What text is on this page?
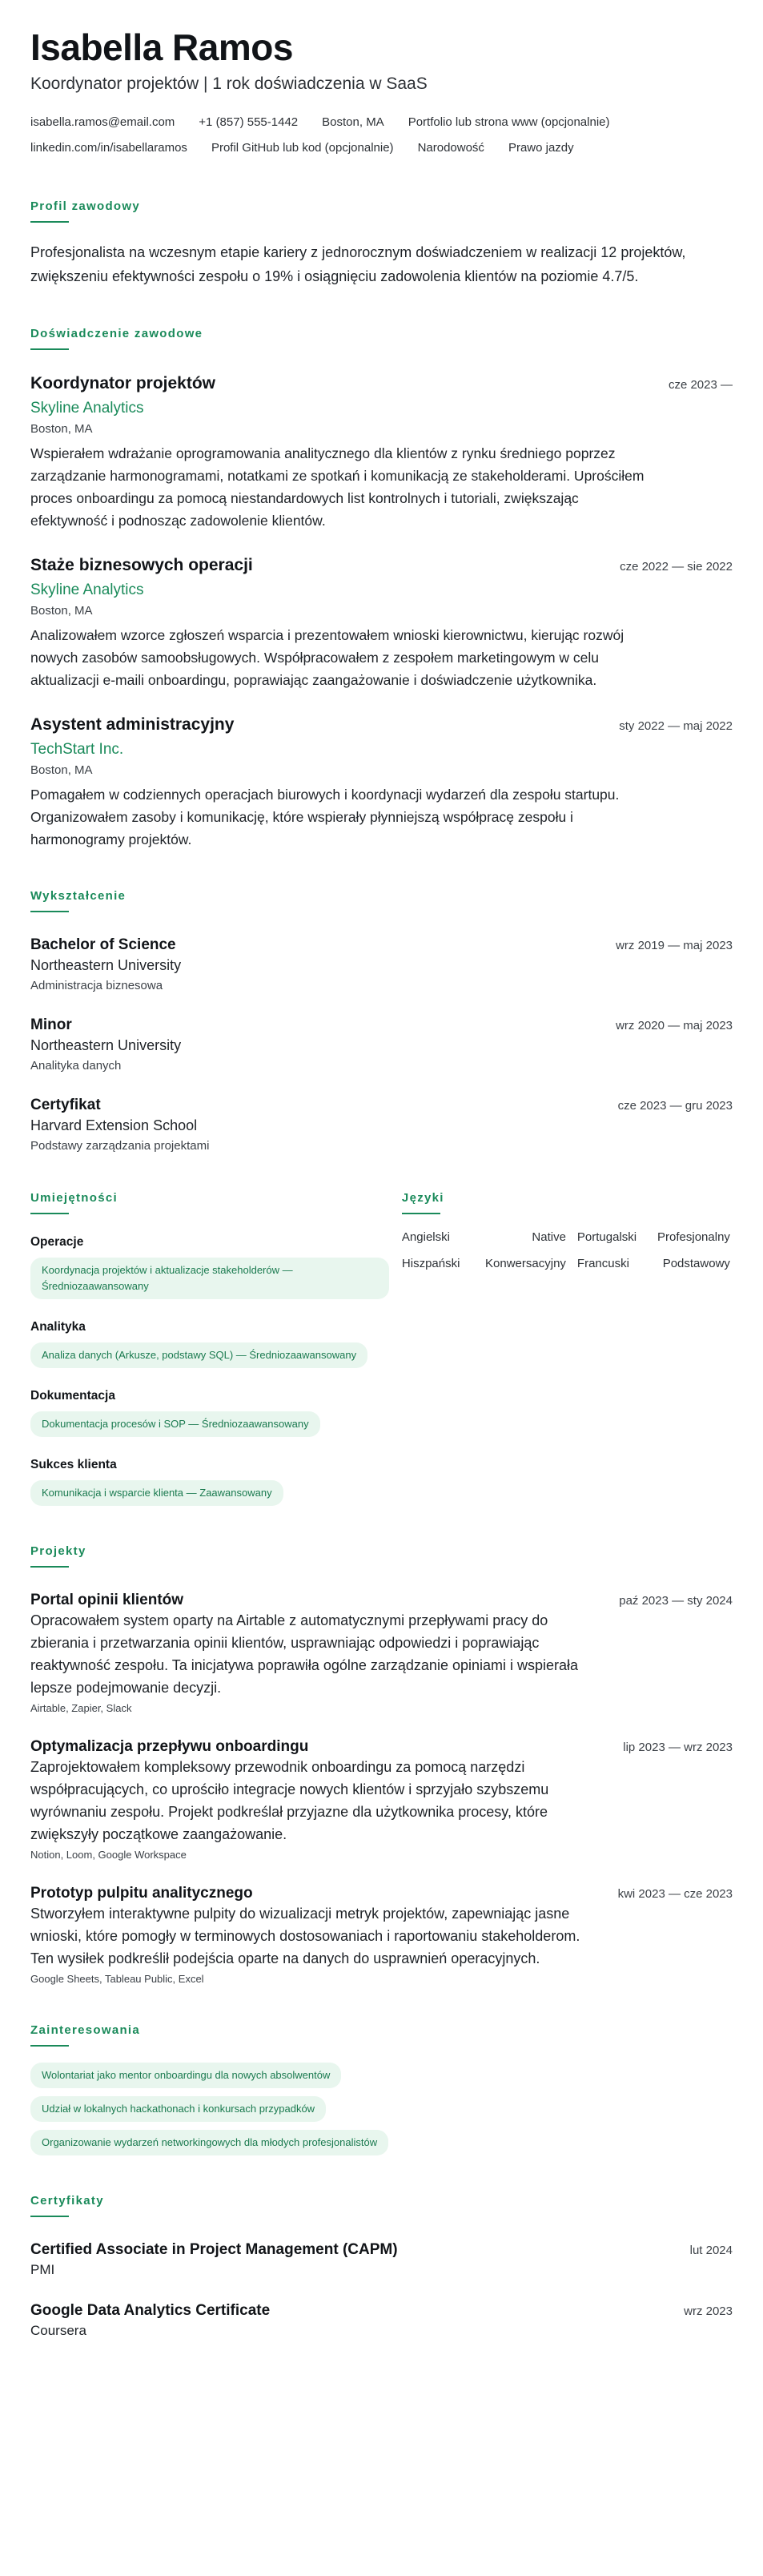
Isabella Ramos
Koordynator projektów | 1 rok doświadczenia w SaaS
isabella.ramos@email.com +1 (857) 555-1442 Boston, MA Portfolio lub strona www (opcjonalnie)
linkedin.com/in/isabellaramos Profil GitHub lub kod (opcjonalnie) Narodowość Prawo jazdy
Profil zawodowy
Profesjonalista na wczesnym etapie kariery z jednorocznym doświadczeniem w realizacji 12 projektów, zwiększeniu efektywności zespołu o 19% i osiągnięciu zadowolenia klientów na poziomie 4.7/5.
Doświadczenie zawodowe
Koordynator projektów	cze 2023 —
Skyline Analytics
Boston, MA
Wspierałem wdrażanie oprogramowania analitycznego dla klientów z rynku średniego poprzez zarządzanie harmonogramami, notatkami ze spotkań i komunikacją ze stakeholderami. Uprościłem proces onboardingu za pomocą niestandardowych list kontrolnych i tutoriali, zwiększając efektywność i podnosząc zadowolenie klientów.
Staże biznesowych operacji	cze 2022 — sie 2022
Skyline Analytics
Boston, MA
Analizowałem wzorce zgłoszeń wsparcia i prezentowałem wnioski kierownictwu, kierując rozwój nowych zasobów samoobsługowych. Współpracowałem z zespołem marketingowym w celu aktualizacji e-maili onboardingu, poprawiając zaangażowanie i doświadczenie użytkownika.
Asystent administracyjny	sty 2022 — maj 2022
TechStart Inc.
Boston, MA
Pomagałem w codziennych operacjach biurowych i koordynacji wydarzeń dla zespołu startupu. Organizowałem zasoby i komunikację, które wspierały płynniejszą współpracę zespołu i harmonogramy projektów.
Wykształcenie
Bachelor of Science	wrz 2019 — maj 2023
Northeastern University
Administracja biznesowa
Minor	wrz 2020 — maj 2023
Northeastern University
Analityka danych
Certyfikat	cze 2023 — gru 2023
Harvard Extension School
Podstawy zarządzania projektami
Umiejętności
Operacje
Koordynacja projektów i aktualizacje stakeholderów — Średniozaawansowany
Analityka
Analiza danych (Arkusze, podstawy SQL) — Średniozaawansowany
Dokumentacja
Dokumentacja procesów i SOP — Średniozaawansowany
Sukces klienta
Komunikacja i wsparcie klienta — Zaawansowany
Języki
Angielski	Native Portugalski	Profesjonalny
Hiszpański	Konwersacyjny Francuski	Podstawowy
Projekty
Portal opinii klientów	paź 2023 — sty 2024
Opracowałem system oparty na Airtable z automatycznymi przepływami pracy do zbierania i przetwarzania opinii klientów, usprawniając odpowiedzi i poprawiając reaktywność zespołu. Ta inicjatywa poprawiła ogólne zarządzanie opiniami i wspierała lepsze podejmowanie decyzji.
Airtable, Zapier, Slack
Optymalizacja przepływu onboardingu	lip 2023 — wrz 2023
Zaprojektowałem kompleksowy przewodnik onboardingu za pomocą narzędzi współpracujących, co uprościło integracje nowych klientów i sprzyjało szybszemu wyrównaniu zespołu. Projekt podkreślał przyjazne dla użytkownika procesy, które zwiększyły początkowe zaangażowanie.
Notion, Loom, Google Workspace
Prototyp pulpitu analitycznego	kwi 2023 — cze 2023
Stworzyłem interaktywne pulpity do wizualizacji metryk projektów, zapewniając jasne wnioski, które pomogły w terminowych dostosowaniach i raportowaniu stakeholderom. Ten wysiłek podkreślił podejścia oparte na danych do usprawnień operacyjnych.
Google Sheets, Tableau Public, Excel
Zainteresowania
Wolontariat jako mentor onboardingu dla nowych absolwentów
Udział w lokalnych hackathonach i konkursach przypadków
Organizowanie wydarzeń networkingowych dla młodych profesjonalistów
Certyfikaty
Certified Associate in Project Management (CAPM)	lut 2024
PMI
Google Data Analytics Certificate	wrz 2023
Coursera
